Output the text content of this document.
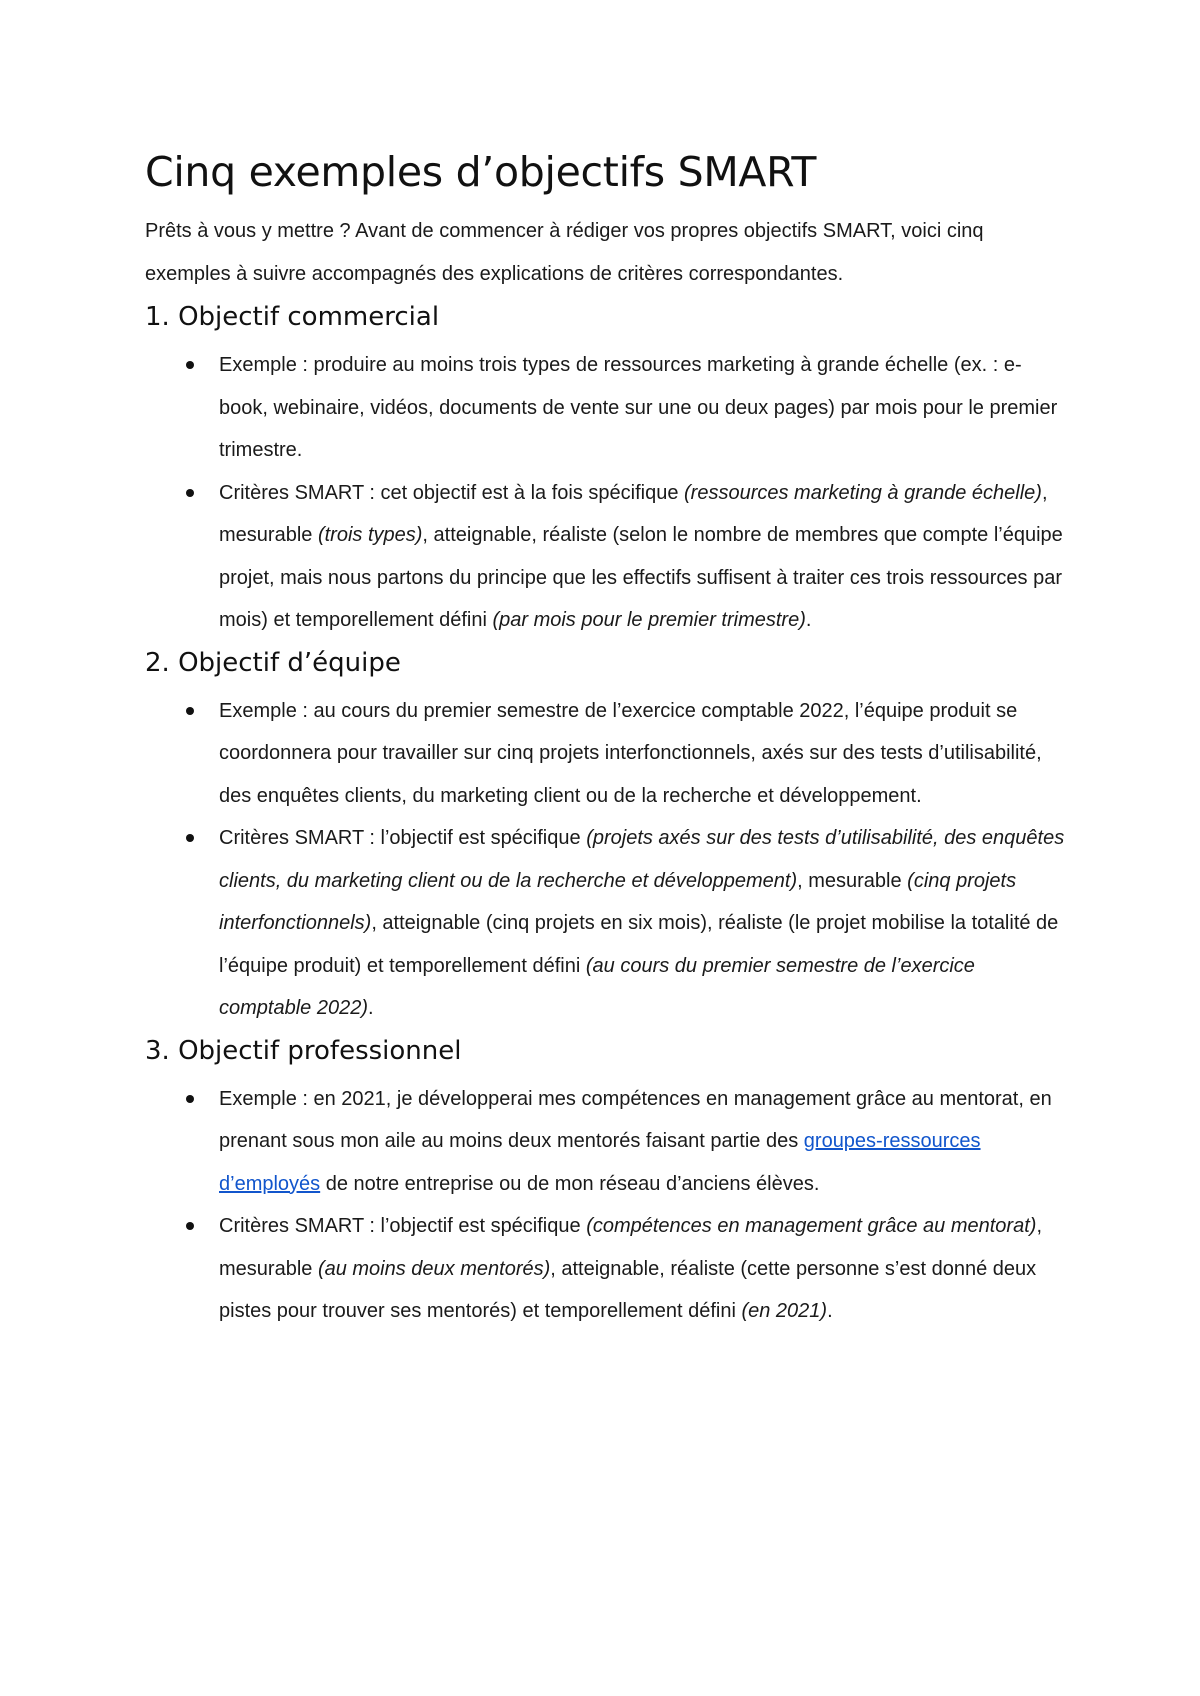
Cinq exemples d’objectifs SMART

Prêts à vous y mettre ? Avant de commencer à rédiger vos propres objectifs SMART, voici cinq exemples à suivre accompagnés des explications de critères correspondantes.

1. Objectif commercial
Exemple : produire au moins trois types de ressources marketing à grande échelle (ex. : e-book, webinaire, vidéos, documents de vente sur une ou deux pages) par mois pour le premier trimestre.
Critères SMART : cet objectif est à la fois spécifique (ressources marketing à grande échelle), mesurable (trois types), atteignable, réaliste (selon le nombre de membres que compte l’équipe projet, mais nous partons du principe que les effectifs suffisent à traiter ces trois ressources par mois) et temporellement défini (par mois pour le premier trimestre).
2. Objectif d’équipe
Exemple : au cours du premier semestre de l’exercice comptable 2022, l’équipe produit se coordonnera pour travailler sur cinq projets interfonctionnels, axés sur des tests d’utilisabilité, des enquêtes clients, du marketing client ou de la recherche et développement.
Critères SMART : l’objectif est spécifique (projets axés sur des tests d’utilisabilité, des enquêtes clients, du marketing client ou de la recherche et développement), mesurable (cinq projets interfonctionnels), atteignable (cinq projets en six mois), réaliste (le projet mobilise la totalité de l’équipe produit) et temporellement défini (au cours du premier semestre de l’exercice comptable 2022).
3. Objectif professionnel
Exemple : en 2021, je développerai mes compétences en management grâce au mentorat, en prenant sous mon aile au moins deux mentorés faisant partie des groupes-ressources d’employés de notre entreprise ou de mon réseau d’anciens élèves.
Critères SMART : l’objectif est spécifique (compétences en management grâce au mentorat), mesurable (au moins deux mentorés), atteignable, réaliste (cette personne s’est donné deux pistes pour trouver ses mentorés) et temporellement défini (en 2021).
